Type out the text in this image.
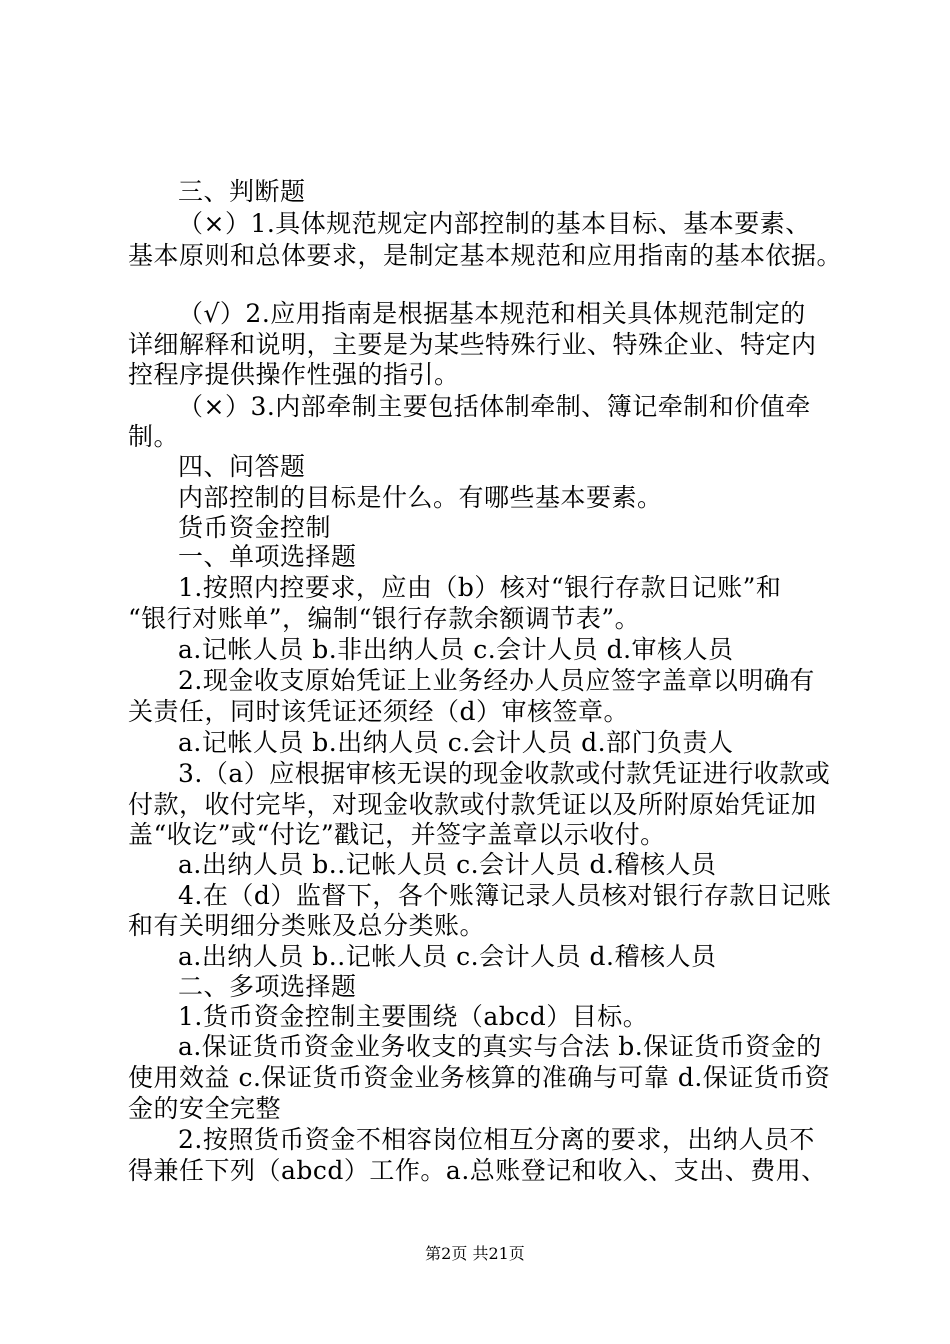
三、判断题
（×）1.具体规范规定内部控制的基本目标、基本要素、
基本原则和总体要求，是制定基本规范和应用指南的基本依据。
（√）2.应用指南是根据基本规范和相关具体规范制定的
详细解释和说明，主要是为某些特殊行业、特殊企业、特定内
控程序提供操作性强的指引。
（×）3.内部牵制主要包括体制牵制、簿记牵制和价值牵
制。
四、问答题
内部控制的目标是什么。有哪些基本要素。
货币资金控制
一、单项选择题
1.按照内控要求，应由（b）核对“银行存款日记账”和
“银行对账单”，编制“银行存款余额调节表”。
a.记帐人员 b.非出纳人员 c.会计人员 d.审核人员
2.现金收支原始凭证上业务经办人员应签字盖章以明确有
关责任，同时该凭证还须经（d）审核签章。
a.记帐人员 b.出纳人员 c.会计人员 d.部门负责人
3.（a）应根据审核无误的现金收款或付款凭证进行收款或
付款，收付完毕，对现金收款或付款凭证以及所附原始凭证加
盖“收讫”或“付讫”戳记，并签字盖章以示收付。
a.出纳人员 b..记帐人员 c.会计人员 d.稽核人员
4.在（d）监督下，各个账簿记录人员核对银行存款日记账
和有关明细分类账及总分类账。
a.出纳人员 b..记帐人员 c.会计人员 d.稽核人员
二、多项选择题
1.货币资金控制主要围绕（abcd）目标。
a.保证货币资金业务收支的真实与合法 b.保证货币资金的
使用效益 c.保证货币资金业务核算的准确与可靠 d.保证货币资
金的安全完整
2.按照货币资金不相容岗位相互分离的要求，出纳人员不
得兼任下列（abcd）工作。a.总账登记和收入、支出、费用、
第2页 共21页
